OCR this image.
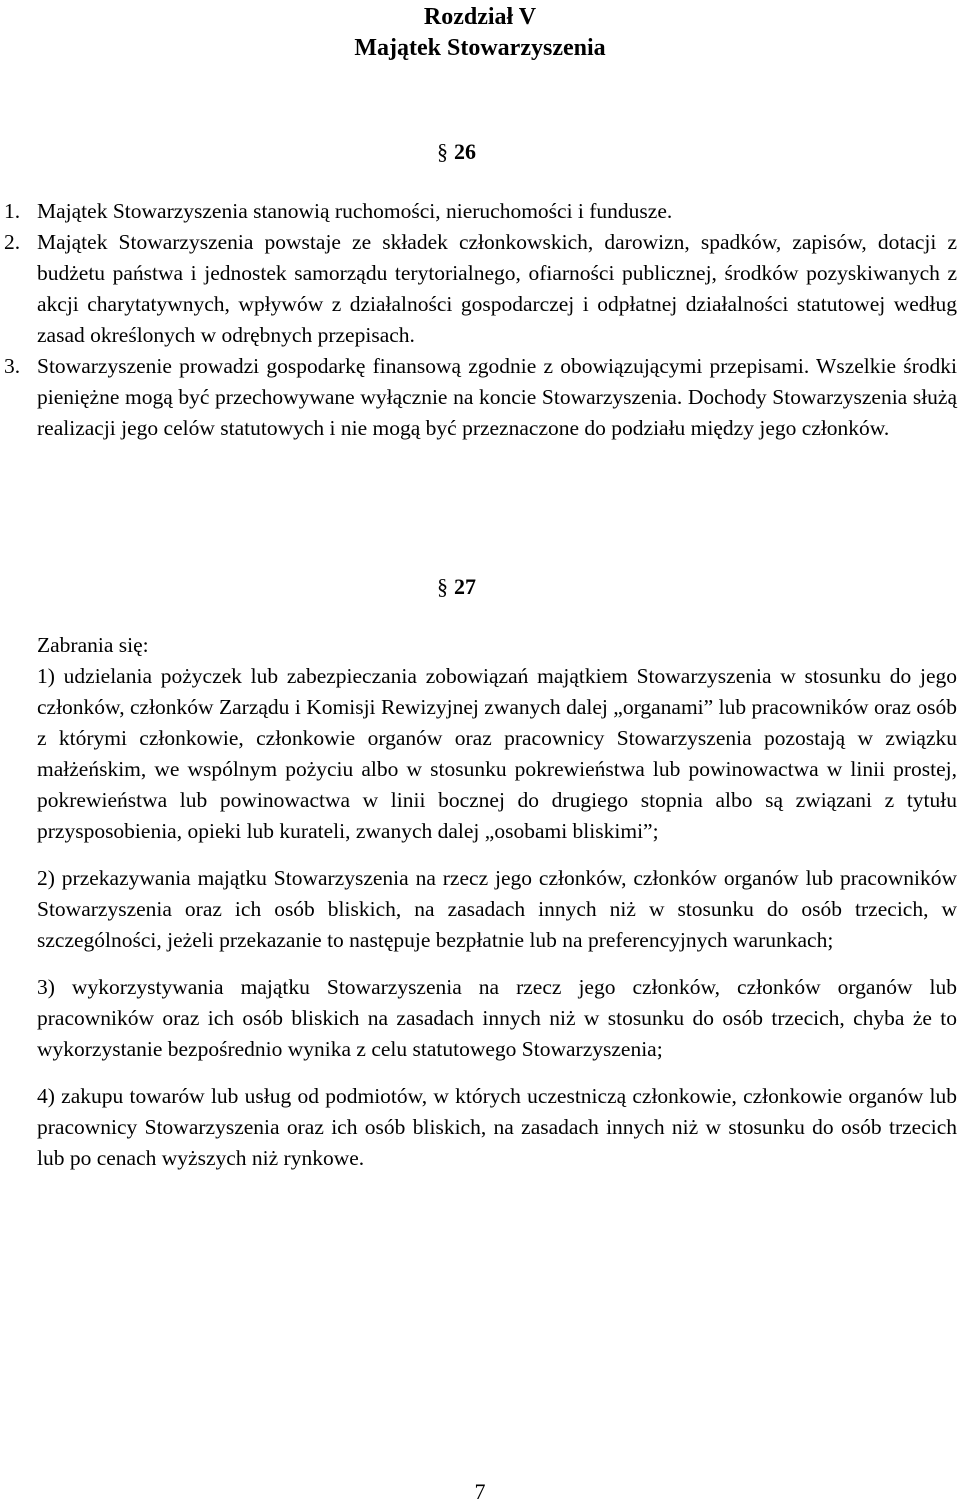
Rozdział V
Majątek Stowarzyszenia
§ 26

1. Majątek Stowarzyszenia stanowią ruchomości, nieruchomości i fundusze.

2. Majątek Stowarzyszenia powstaje ze składek członkowskich, darowizn, spadków, zapisów, dotacji z budżetu państwa i jednostek samorządu terytorialnego, ofiarności publicznej, środków pozyskiwanych z akcji charytatywnych, wpływów z działalności gospodarczej i odpłatnej działalności statutowej według zasad określonych w odrębnych przepisach.

3. Stowarzyszenie prowadzi gospodarkę finansową zgodnie z obowiązującymi przepisami. Wszelkie środki pieniężne mogą być przechowywane wyłącznie na koncie Stowarzyszenia. Dochody Stowarzyszenia służą realizacji jego celów statutowych i nie mogą być przeznaczone do podziału między jego członków.

§ 27

Zabrania się:

1) udzielania pożyczek lub zabezpieczania zobowiązań majątkiem Stowarzyszenia w stosunku do jego członków, członków Zarządu i Komisji Rewizyjnej zwanych dalej „organami” lub pracowników oraz osób z którymi członkowie, członkowie organów oraz pracownicy Stowarzyszenia pozostają w związku małżeńskim, we wspólnym pożyciu albo w stosunku pokrewieństwa lub powinowactwa w linii prostej, pokrewieństwa lub powinowactwa w linii bocznej do drugiego stopnia albo są związani z tytułu przysposobienia, opieki lub kurateli, zwanych dalej „osobami bliskimi”;

2) przekazywania majątku Stowarzyszenia na rzecz jego członków, członków organów lub pracowników Stowarzyszenia oraz ich osób bliskich, na zasadach innych niż w stosunku do osób trzecich, w szczególności, jeżeli przekazanie to następuje bezpłatnie lub na preferencyjnych warunkach;

3) wykorzystywania majątku Stowarzyszenia na rzecz jego członków, członków organów lub pracowników oraz ich osób bliskich na zasadach innych niż w stosunku do osób trzecich, chyba że to wykorzystanie bezpośrednio wynika z celu statutowego Stowarzyszenia;

4) zakupu towarów lub usług od podmiotów, w których uczestniczą członkowie, członkowie organów lub pracownicy Stowarzyszenia oraz ich osób bliskich, na zasadach innych niż w stosunku do osób trzecich lub po cenach wyższych niż rynkowe.

7
